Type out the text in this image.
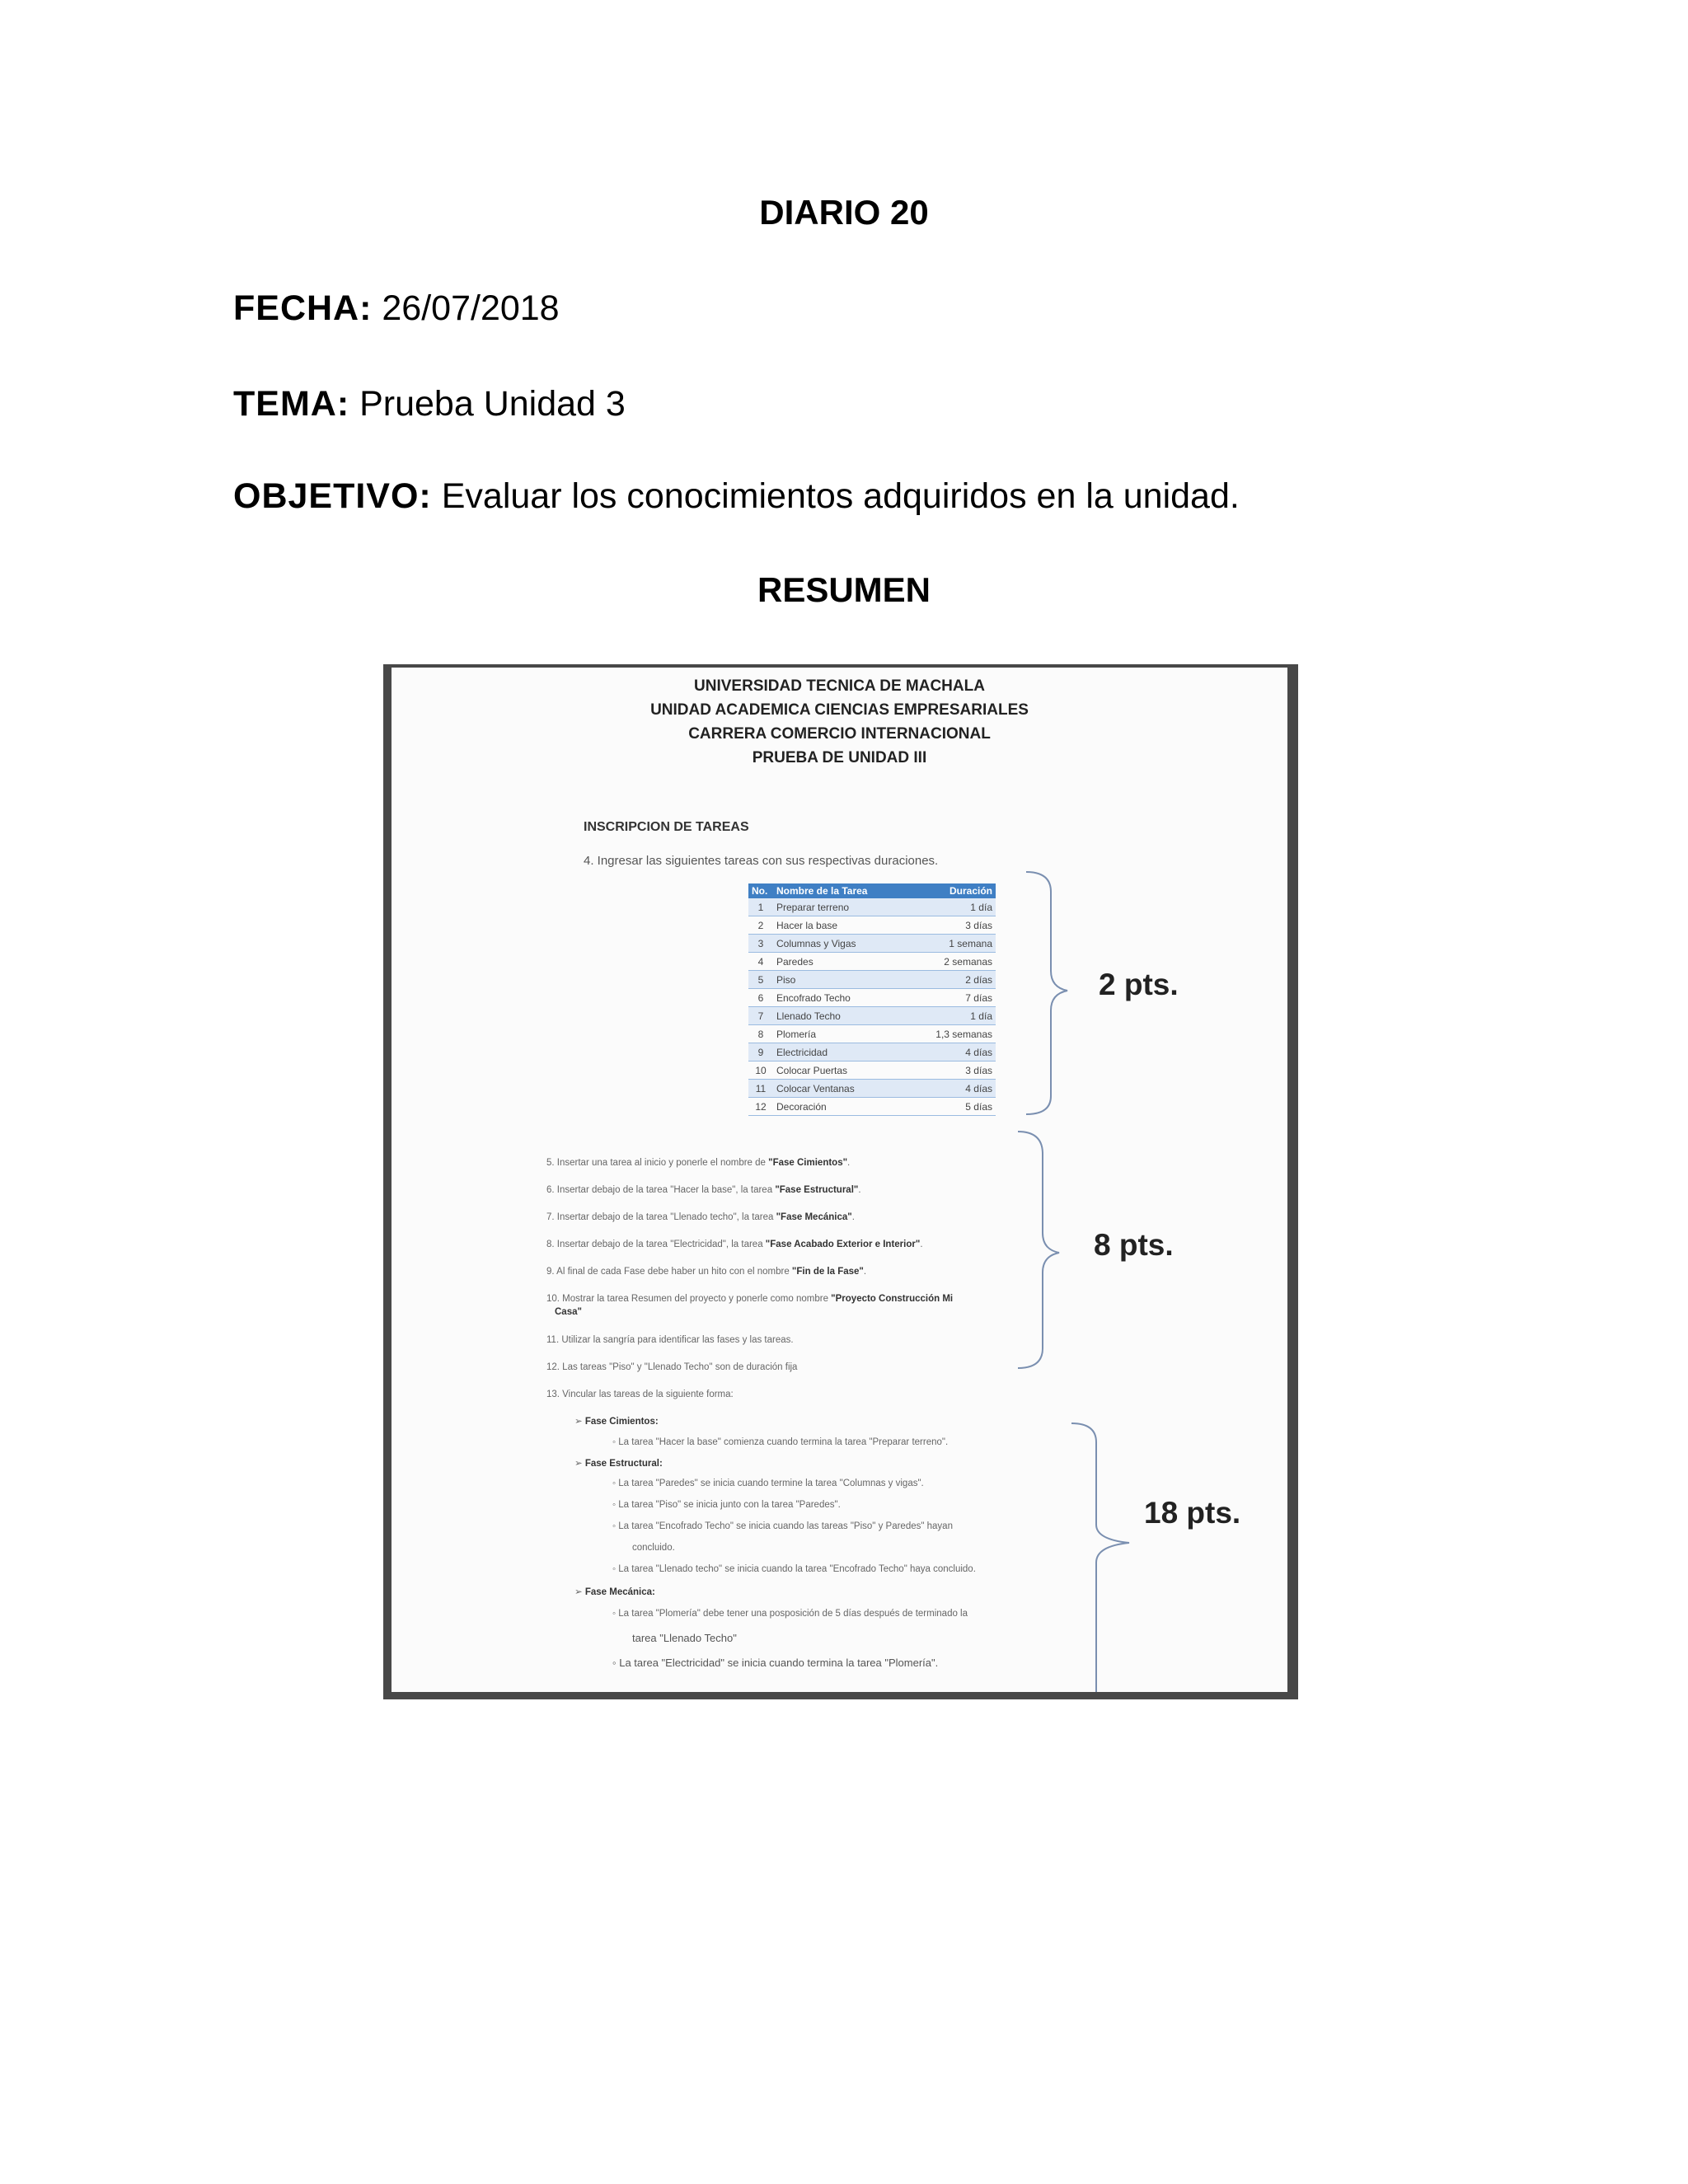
DIARIO 20
FECHA: 26/07/2018
TEMA: Prueba Unidad 3
OBJETIVO: Evaluar los conocimientos adquiridos en la unidad.
RESUMEN
UNIVERSIDAD TECNICA DE MACHALA
UNIDAD ACADEMICA CIENCIAS EMPRESARIALES
CARRERA COMERCIO INTERNACIONAL
PRUEBA DE UNIDAD III
INSCRIPCION DE TAREAS
4. Ingresar las siguientes tareas con sus respectivas duraciones.
No.	Nombre de la Tarea	Duración
1	Preparar terreno	1 día
2	Hacer la base	3 días
3	Columnas y Vigas	1 semana
4	Paredes	2 semanas
5	Piso	2 días
6	Encofrado Techo	7 días
7	Llenado Techo	1 día
8	Plomería	1,3 semanas
9	Electricidad	4 días
10	Colocar Puertas	3 días
11	Colocar Ventanas	4 días
12	Decoración	5 días
2 pts.
8 pts.
18 pts.
5. Insertar una tarea al inicio y ponerle el nombre de "Fase Cimientos".
6. Insertar debajo de la tarea "Hacer la base", la tarea "Fase Estructural".
7. Insertar debajo de la tarea "Llenado techo", la tarea "Fase Mecánica".
8. Insertar debajo de la tarea "Electricidad", la tarea "Fase Acabado Exterior e Interior".
9. Al final de cada Fase debe haber un hito con el nombre "Fin de la Fase".
10. Mostrar la tarea Resumen del proyecto y ponerle como nombre "Proyecto Construcción Mi
Casa"
11. Utilizar la sangría para identificar las fases y las tareas.
12. Las tareas "Piso" y "Llenado Techo" son de duración fija
13. Vincular las tareas de la siguiente forma:
➢ Fase Cimientos:
◦ La tarea "Hacer la base" comienza cuando termina la tarea "Preparar terreno".
➢ Fase Estructural:
◦ La tarea "Paredes" se inicia cuando termine la tarea "Columnas y vigas".
◦ La tarea "Piso" se inicia junto con la tarea "Paredes".
◦ La tarea "Encofrado Techo" se inicia cuando las tareas "Piso" y Paredes" hayan
concluido.
◦ La tarea "Llenado techo" se inicia cuando la tarea "Encofrado Techo" haya concluido.
➢ Fase Mecánica:
◦ La tarea "Plomería" debe tener una posposición de 5 días después de terminado la
tarea "Llenado Techo"
◦ La tarea "Electricidad" se inicia cuando termina la tarea "Plomería".
